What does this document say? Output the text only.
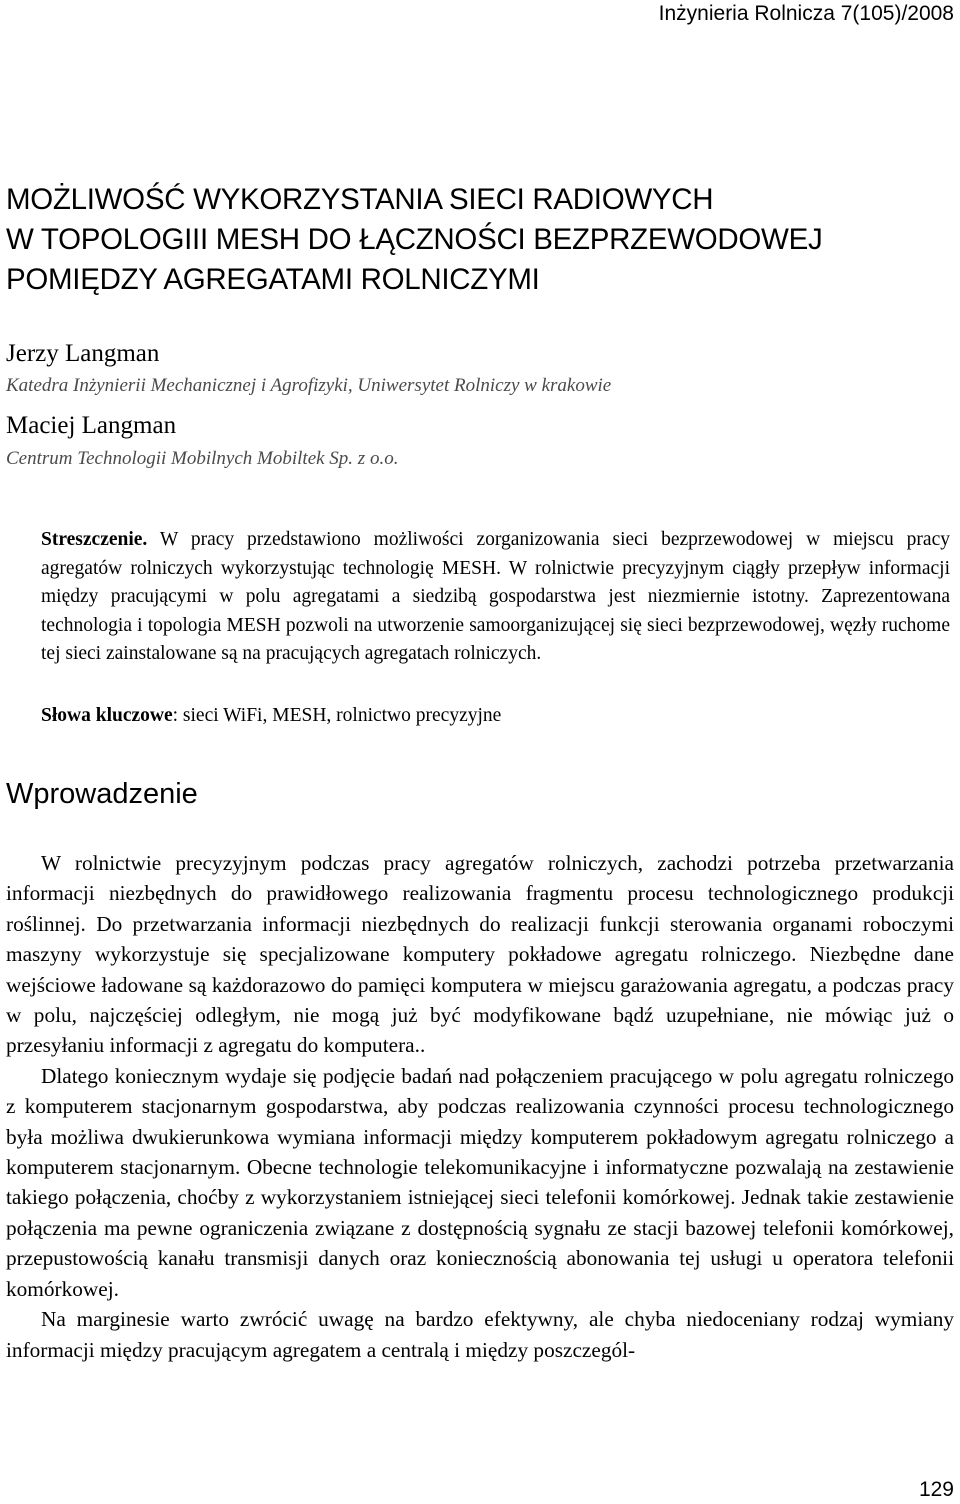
Inżynieria Rolnicza 7(105)/2008
MOŻLIWOŚĆ WYKORZYSTANIA SIECI RADIOWYCH
W TOPOLOGIII MESH DO ŁĄCZNOŚCI BEZPRZEWODOWEJ
POMIĘDZY AGREGATAMI ROLNICZYMI
Jerzy Langman
Katedra Inżynierii Mechanicznej i Agrofizyki, Uniwersytet Rolniczy w krakowie
Maciej Langman
Centrum Technologii Mobilnych Mobiltek Sp. z o.o.

Streszczenie. W pracy przedstawiono możliwości zorganizowania sieci bezprzewodowej w miejscu pracy agregatów rolniczych wykorzystując technologię MESH. W rolnictwie precyzyjnym ciągły przepływ informacji między pracującymi w polu agregatami a siedzibą gospodarstwa jest niezmiernie istotny. Zaprezentowana technologia i topologia MESH pozwoli na utworzenie samoorganizującej się sieci bezprzewodowej, węzły ruchome tej sieci zainstalowane są na pracujących agregatach rolniczych.

Słowa kluczowe: sieci WiFi, MESH, rolnictwo precyzyjne

Wprowadzenie

W rolnictwie precyzyjnym podczas pracy agregatów rolniczych, zachodzi potrzeba przetwarzania informacji niezbędnych do prawidłowego realizowania fragmentu procesu technologicznego produkcji roślinnej. Do przetwarzania informacji niezbędnych do realizacji funkcji sterowania organami roboczymi maszyny wykorzystuje się specjalizowane komputery pokładowe agregatu rolniczego. Niezbędne dane wejściowe ładowane są każdorazowo do pamięci komputera w miejscu garażowania agregatu, a podczas pracy w polu, najczęściej odległym, nie mogą już być modyfikowane bądź uzupełniane, nie mówiąc już o przesyłaniu informacji z agregatu do komputera..

Dlatego koniecznym wydaje się podjęcie badań nad połączeniem pracującego w polu agregatu rolniczego z komputerem stacjonarnym gospodarstwa, aby podczas realizowania czynności procesu technologicznego była możliwa dwukierunkowa wymiana informacji między komputerem pokładowym agregatu rolniczego a komputerem stacjonarnym. Obecne technologie telekomunikacyjne i informatyczne pozwalają na zestawienie takiego połączenia, choćby z wykorzystaniem istniejącej sieci telefonii komórkowej. Jednak takie zestawienie połączenia ma pewne ograniczenia związane z dostępnością sygnału ze stacji bazowej telefonii komórkowej, przepustowością kanału transmisji danych oraz koniecznością abonowania tej usługi u operatora telefonii komórkowej.

Na marginesie warto zwrócić uwagę na bardzo efektywny, ale chyba niedoceniany rodzaj wymiany informacji między pracującym agregatem a centralą i między poszczegól-

129
